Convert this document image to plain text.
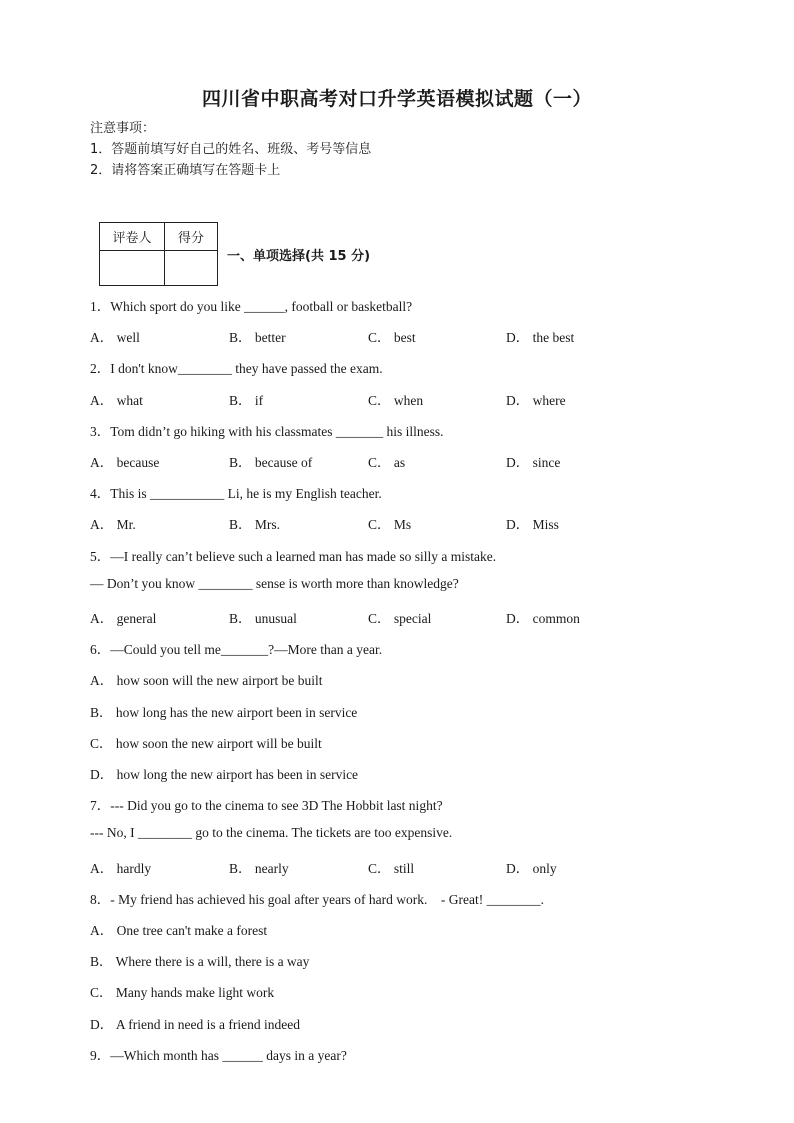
四川省中职高考对口升学英语模拟试题（一）
注意事项：
1．答题前填写好自己的姓名、班级、考号等信息
2．请将答案正确填写在答题卡上
评卷人	得分

一、单项选择(共 15 分)
1．Which sport do you like ______, football or basketball?
A． well	B． better	C． best	D． the best
2．I don't know________ they have passed the exam.
A． what	B． if	C． when	D． where
3．Tom didn’t go hiking with his classmates _______ his illness.
A． because	B． because of	C． as	D． since
4．This is ___________ Li, he is my English teacher.
A． Mr.	B． Mrs.	C． Ms	D． Miss
5．—I really can’t believe such a learned man has made so silly a mistake.
— Don’t you know ________ sense is worth more than knowledge?
A． general	B． unusual	C． special	D． common
6．—Could you tell me_______?—More than a year.
A． how soon will the new airport be built
B． how long has the new airport been in service
C． how soon the new airport will be built
D． how long the new airport has been in service
7．--- Did you go to the cinema to see 3D The Hobbit last night?
--- No, I ________ go to the cinema. The tickets are too expensive.
A． hardly	B． nearly	C． still	D． only
8．- My friend has achieved his goal after years of hard work.    - Great! ________.
A． One tree can't make a forest
B． Where there is a will, there is a way
C． Many hands make light work
D． A friend in need is a friend indeed
9．—Which month has ______ days in a year?
